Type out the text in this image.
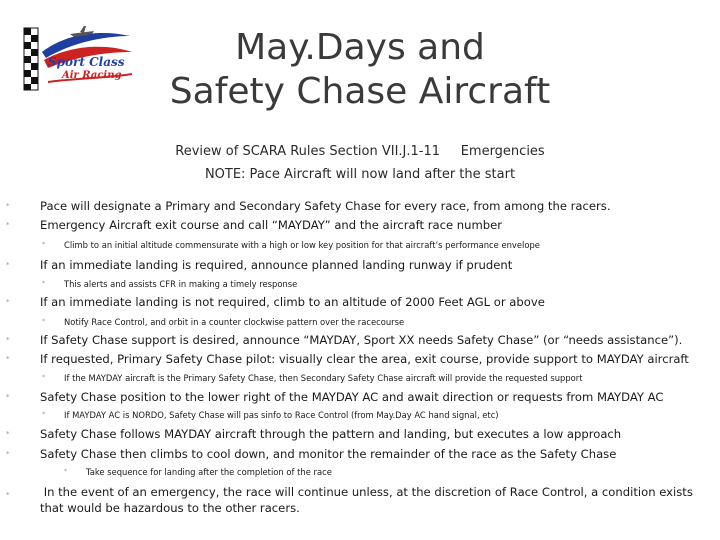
Sport Class
Air Racing
May.Days and
Safety Chase Aircraft
Review of SCARA Rules Section VII.J.1-11     Emergencies
NOTE: Pace Aircraft will now land after the start
*	Pace will designate a Primary and Secondary Safety Chase for every race, from among the racers.
*	Emergency Aircraft exit course and call “MAYDAY” and the aircraft race number
* Climb to an initial altitude commensurate with a high or low key position for that aircraft’s performance envelope
*	If an immediate landing is required, announce planned landing runway if prudent
* This alerts and assists CFR in making a timely response
*	If an immediate landing is not required, climb to an altitude of 2000 Feet AGL or above
* Notify Race Control, and orbit in a counter clockwise pattern over the racecourse
*	If Safety Chase support is desired, announce “MAYDAY, Sport XX needs Safety Chase” (or “needs assistance”).
*	If requested, Primary Safety Chase pilot: visually clear the area, exit course, provide support to MAYDAY aircraft
* If the MAYDAY aircraft is the Primary Safety Chase, then Secondary Safety Chase aircraft will provide the requested support
*	Safety Chase position to the lower right of the MAYDAY AC and await direction or requests from MAYDAY AC
* If MAYDAY AC is NORDO, Safety Chase will pas sinfo to Race Control (from May.Day AC hand signal, etc)
*	Safety Chase follows MAYDAY aircraft through the pattern and landing, but executes a low approach
*	Safety Chase then climbs to cool down, and monitor the remainder of the race as the Safety Chase
* Take sequence for landing after the completion of the race
*	In the event of an emergency, the race will continue unless, at the discretion of Race Control, a condition exists that would be hazardous to the other racers.
